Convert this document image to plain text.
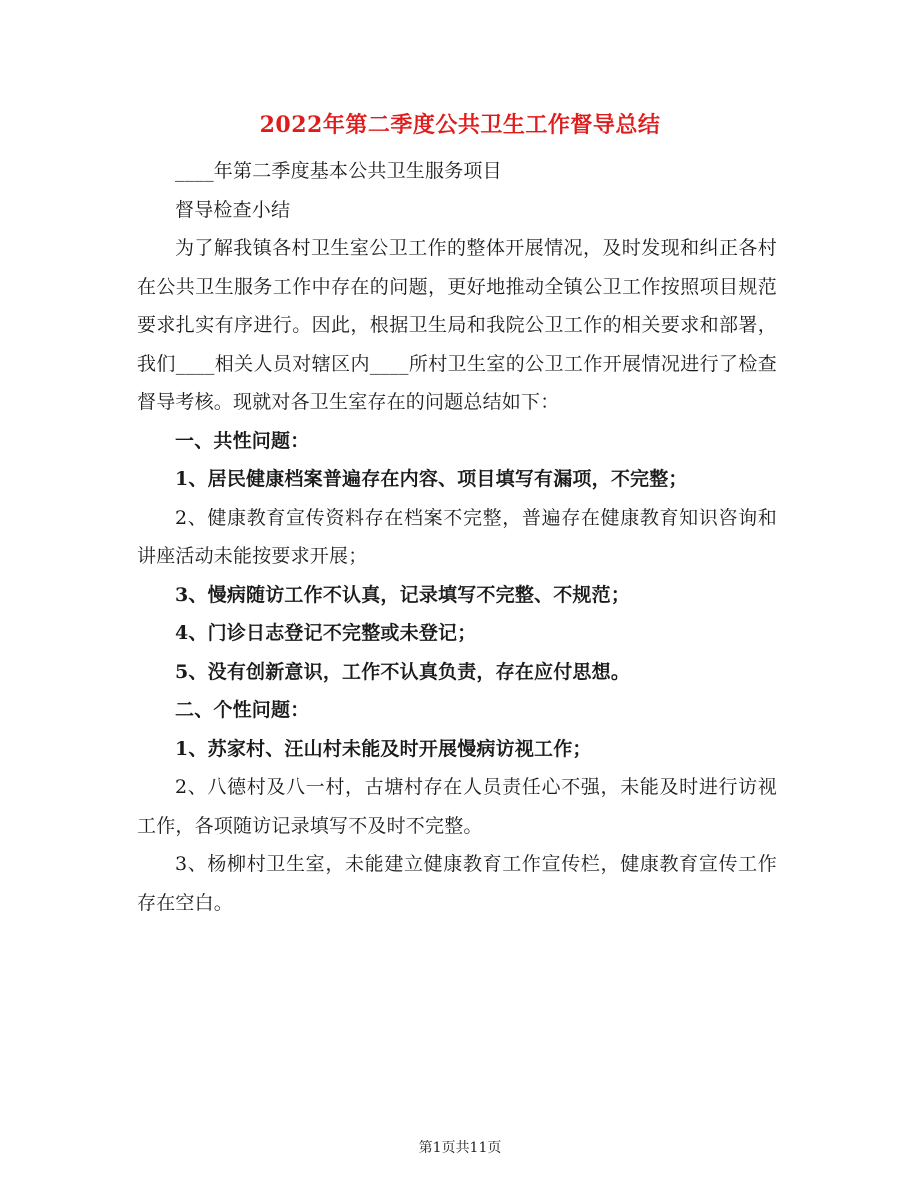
2022年第二季度公共卫生工作督导总结

____年第二季度基本公共卫生服务项目

督导检查小结

为了解我镇各村卫生室公卫工作的整体开展情况，及时发现和纠正各村在公共卫生服务工作中存在的问题，更好地推动全镇公卫工作按照项目规范要求扎实有序进行。因此，根据卫生局和我院公卫工作的相关要求和部署，我们____相关人员对辖区内____所村卫生室的公卫工作开展情况进行了检查督导考核。现就对各卫生室存在的问题总结如下：

一、共性问题：

1、居民健康档案普遍存在内容、项目填写有漏项，不完整；

2、健康教育宣传资料存在档案不完整，普遍存在健康教育知识咨询和讲座活动未能按要求开展；

3、慢病随访工作不认真，记录填写不完整、不规范；

4、门诊日志登记不完整或未登记；

5、没有创新意识，工作不认真负责，存在应付思想。

二、个性问题：

1、苏家村、汪山村未能及时开展慢病访视工作；

2、八德村及八一村，古塘村存在人员责任心不强，未能及时进行访视工作，各项随访记录填写不及时不完整。

3、杨柳村卫生室，未能建立健康教育工作宣传栏，健康教育宣传工作存在空白。

第1页共11页
